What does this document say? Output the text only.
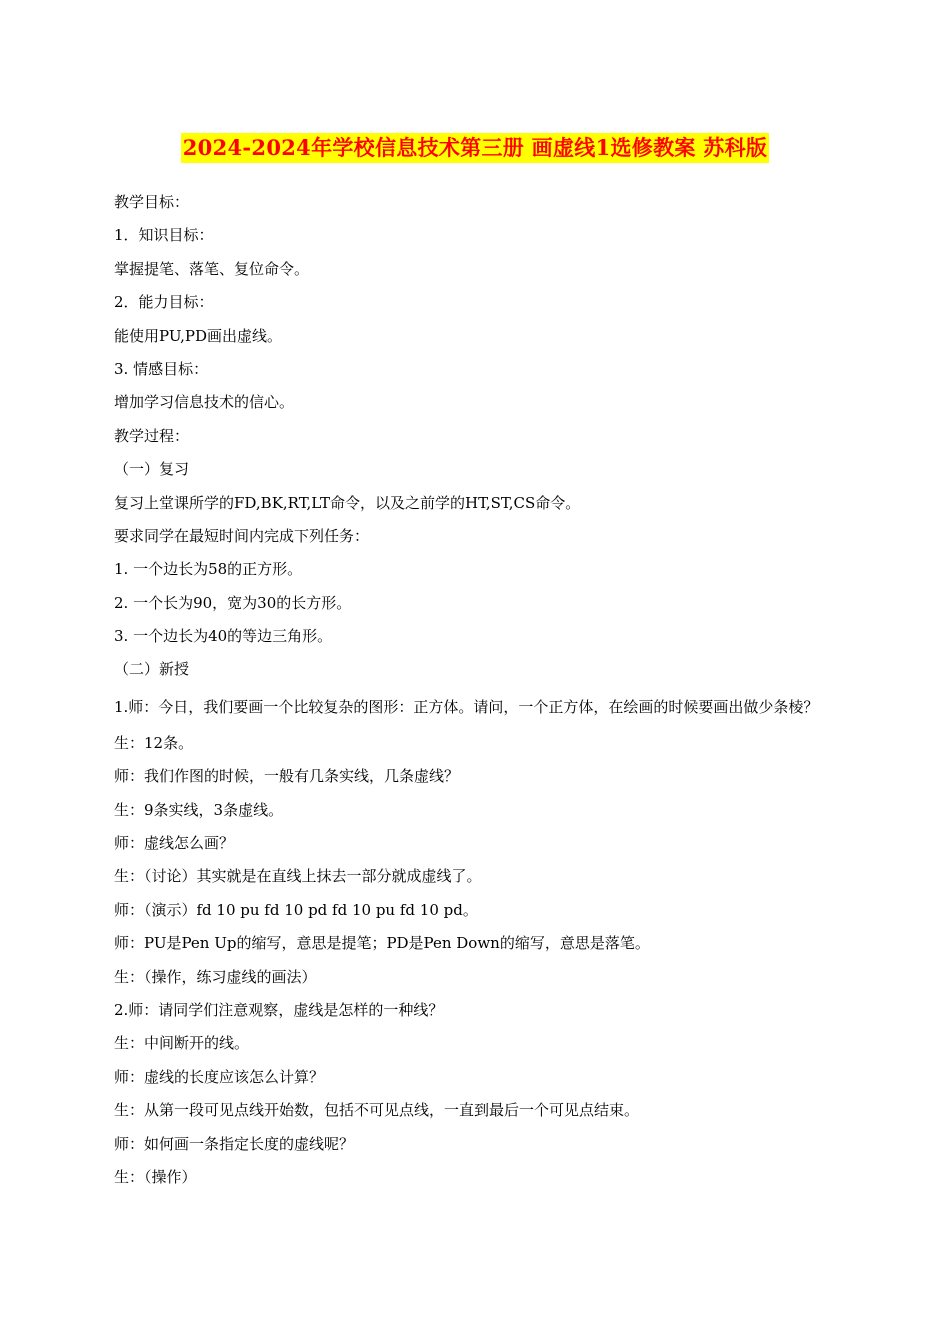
2024-2024年学校信息技术第三册 画虚线1选修教案 苏科版
教学目标：
1．知识目标：
掌握提笔、落笔、复位命令。
2．能力目标：
能使用PU,PD画出虚线。
3. 情感目标：
增加学习信息技术的信心。
教学过程：
（一）复习
复习上堂课所学的FD,BK,RT,LT命令，以及之前学的HT,ST,CS命令。
要求同学在最短时间内完成下列任务：
1. 一个边长为58的正方形。
2. 一个长为90，宽为30的长方形。
3. 一个边长为40的等边三角形。
（二）新授
1.师：今日，我们要画一个比较复杂的图形：正方体。请问，一个正方体，在绘画的时候要画出做少条棱？
生：12条。
师：我们作图的时候，一般有几条实线，几条虚线？
生：9条实线，3条虚线。
师：虚线怎么画？
生：（讨论）其实就是在直线上抹去一部分就成虚线了。
师：（演示）fd 10 pu fd 10 pd fd 10 pu fd 10 pd。
师：PU是Pen Up的缩写，意思是提笔；PD是Pen Down的缩写，意思是落笔。
生：（操作，练习虚线的画法）
2.师：请同学们注意观察，虚线是怎样的一种线？
生：中间断开的线。
师：虚线的长度应该怎么计算？
生：从第一段可见点线开始数，包括不可见点线，一直到最后一个可见点结束。
师：如何画一条指定长度的虚线呢？
生：（操作）
